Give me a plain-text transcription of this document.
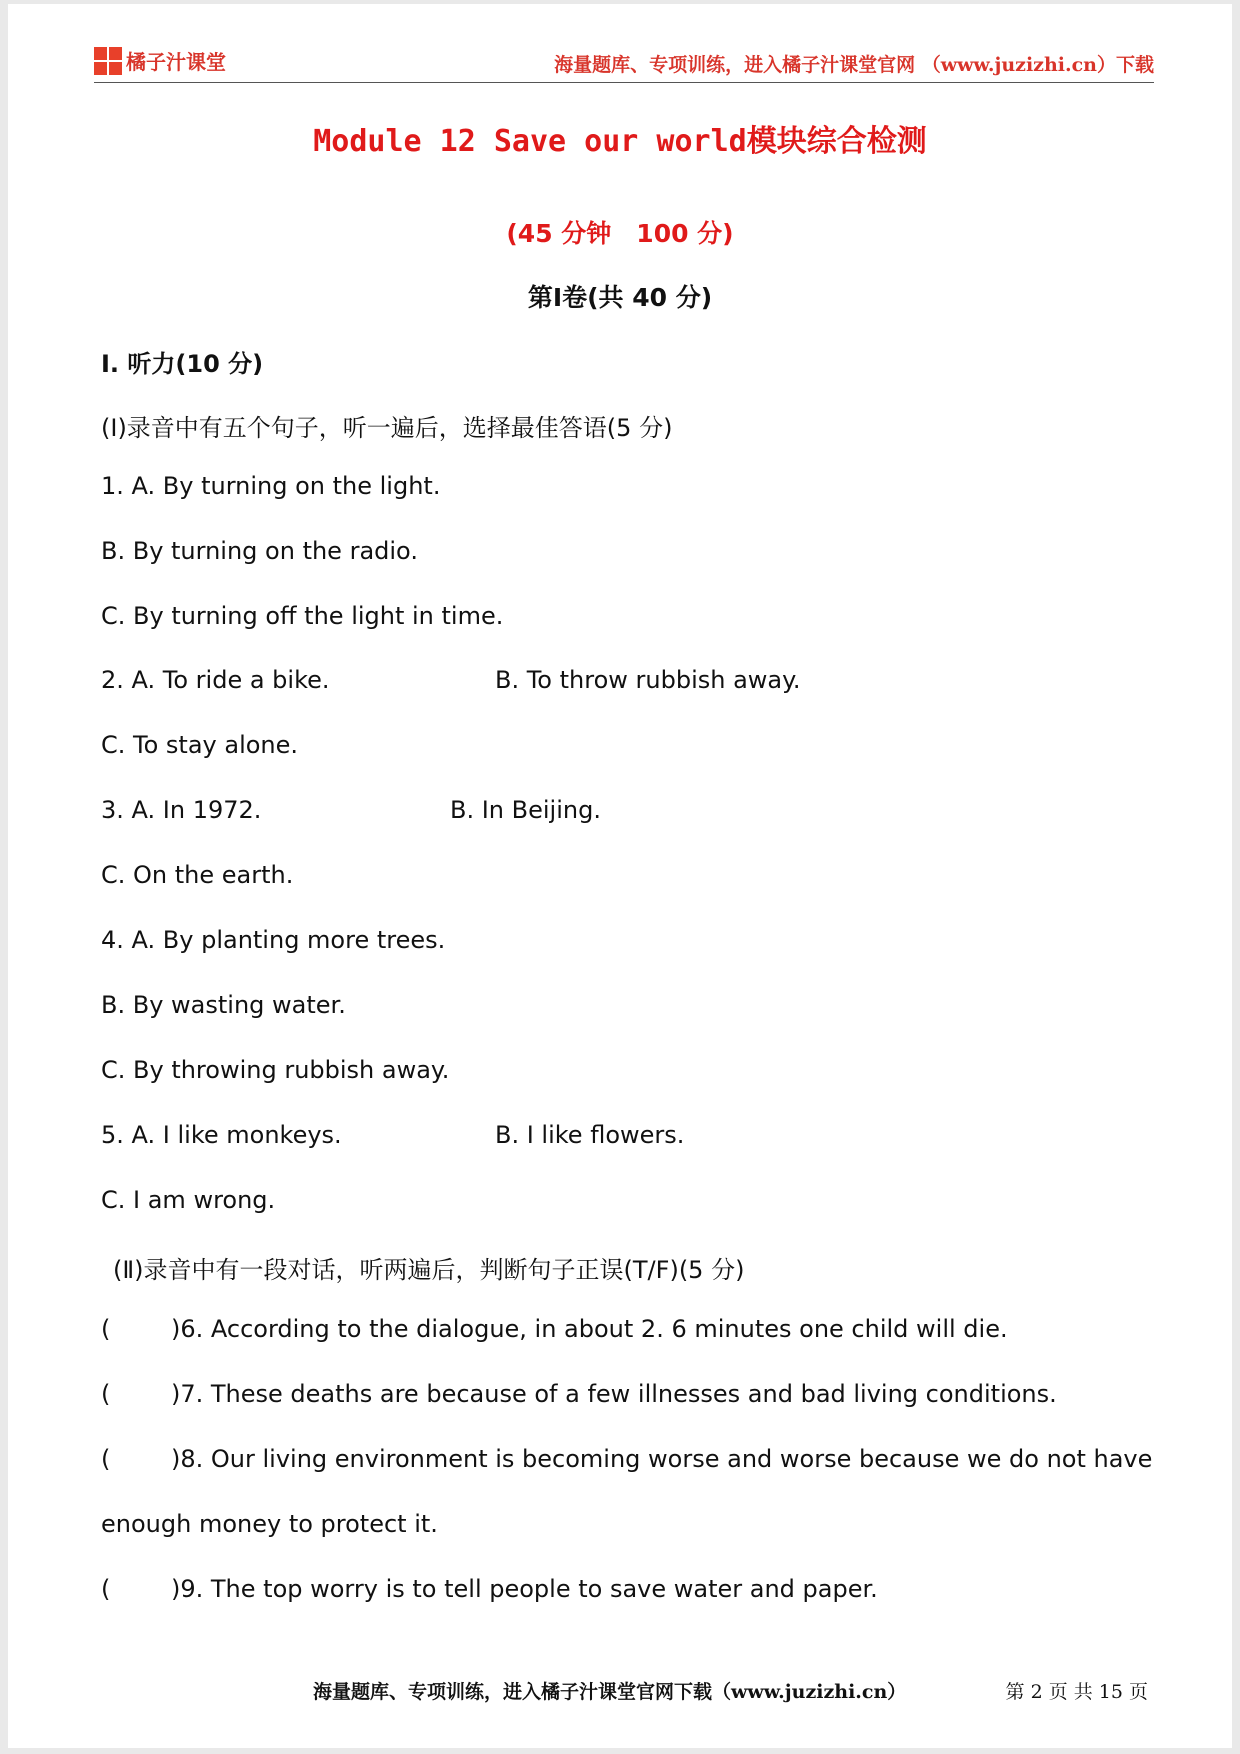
橘子汁课堂	海量题库、专项训练，进入橘子汁课堂官网 （www.juzizhi.cn）下载
Module 12 Save our world模块综合检测
(45 分钟　100 分)
第Ⅰ卷(共 40 分)
Ⅰ. 听力(10 分)
(Ⅰ)录音中有五个句子，听一遍后，选择最佳答语(5 分)
1. A. By turning on the light.
B. By turning on the radio.
C. By turning off the light in time.
2. A. To ride a bike.	B. To throw rubbish away.
C. To stay alone.
3. A. In 1972.	B. In Beijing.
C. On the earth.
4. A. By planting more trees.
B. By wasting water.
C. By throwing rubbish away.
5. A. I like monkeys.	B. I like flowers.
C. I am wrong.
(Ⅱ)录音中有一段对话，听两遍后，判断句子正误(T/F)(5 分)
(	)6. According to the dialogue, in about 2. 6 minutes one child will die.
(	)7. These deaths are because of a few illnesses and bad living conditions.
(	)8. Our living environment is becoming worse and worse because we do not have
enough money to protect it.
(	)9. The top worry is to tell people to save water and paper.
海量题库、专项训练，进入橘子汁课堂官网下载（www.juzizhi.cn）	第 2 页 共 15 页
